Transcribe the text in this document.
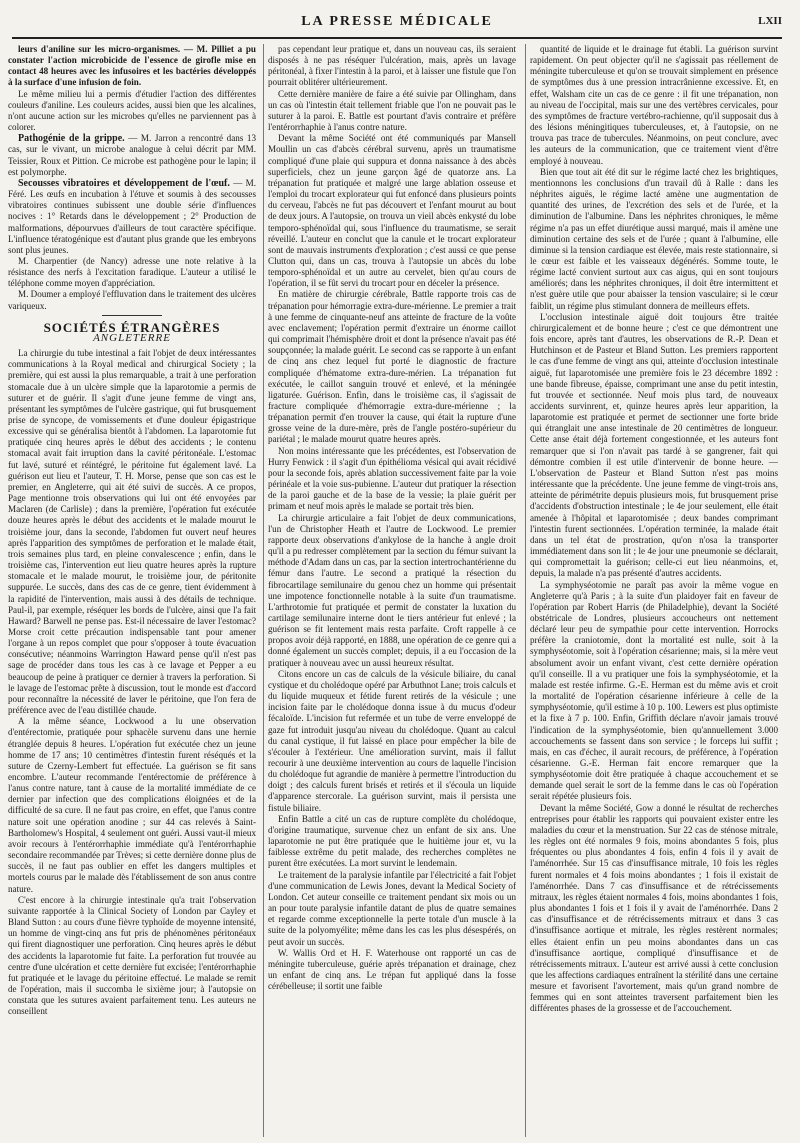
LA PRESSE MÉDICALE	LXII

leurs d'aniline sur les micro-organismes. — M. Pilliet a pu constater l'action microbicide de l'essence de girofle mise en contact 48 heures avec les infusoires et les bactéries développés à la surface d'une infusion de foin.

Le même milieu lui a permis d'étudier l'action des différentes couleurs d'aniline. Les couleurs acides, aussi bien que les alcalines, n'ont aucune action sur les microbes qu'elles ne parviennent pas à colorer.

Pathogénie de la grippe. — M. Jarron a rencontré dans 13 cas, sur le vivant, un microbe analogue à celui décrit par MM. Teissier, Roux et Pittion. Ce microbe est pathogène pour le lapin; il est polymorphe.

Secousses vibratoires et développement de l'œuf. — M. Féré. Les œufs en incubation à l'étuve et soumis à des secousses vibratoires continues subissent une double série d'influences nocives : 1° Retards dans le développement ; 2° Production de malformations, dépourvues d'ailleurs de tout caractère spécifique. L'influence tératogénique est d'autant plus grande que les embryons sont plus jeunes.

M. Charpentier (de Nancy) adresse une note relative à la résistance des nerfs à l'excitation faradique. L'auteur a utilisé le téléphone comme moyen d'appréciation.

M. Doumer a employé l'effluvation dans le traitement des ulcères variqueux.

SOCIÉTÉS ÉTRANGÈRES

ANGLETERRE

La chirurgie du tube intestinal a fait l'objet de deux intéressantes communications à la Royal medical and chirurgical Society ; la première, qui est aussi la plus remarquable, a trait à une perforation stomacale due à un ulcère simple que la laparotomie a permis de suturer et de guérir. Il s'agit d'une jeune femme de vingt ans, présentant les symptômes de l'ulcère gastrique, qui fut brusquement prise de syncope, de vomissements et d'une douleur épigastrique excessive qui se généralisa bientôt à l'abdomen. La laparotomie fut pratiquée cinq heures après le début des accidents ; le contenu stomacal avait fait irruption dans la cavité péritonéale. L'estomac fut lavé, suturé et réintégré, le péritoine fut également lavé. La guérison eut lieu et l'auteur, T. H. Morse, pense que son cas est le premier, en Angleterre, qui ait été suivi de succès. A ce propos, Page mentionne trois observations qui lui ont été envoyées par Maclaren (de Carlisle) ; dans la première, l'opération fut exécutée douze heures après le début des accidents et le malade mourut le troisième jour, dans la seconde, l'abdomen fut ouvert neuf heures après l'apparition des symptômes de perforation et le malade était, trois semaines plus tard, en pleine convalescence ; enfin, dans le troisième cas, l'intervention eut lieu quatre heures après la rupture stomacale et le malade mourut, le troisième jour, de péritonite suppurée. Le succès, dans des cas de ce genre, tient évidemment à la rapidité de l'intervention, mais aussi à des détails de technique. Paul-il, par exemple, réséquer les bords de l'ulcère, ainsi que l'a fait Haward? Barwell ne pense pas. Est-il nécessaire de laver l'estomac? Morse croit cette précaution indispensable tant pour amener l'organe à un repos complet que pour s'opposer à toute évacuation consécutive; néanmoins Warrington Haward pense qu'il n'est pas sage de procéder dans tous les cas à ce lavage et Pepper a eu beaucoup de peine à pratiquer ce dernier à travers la perforation. Si le lavage de l'estomac prête à discussion, tout le monde est d'accord pour reconnaître la nécessité de laver le péritoine, que l'on fera de préférence avec de l'eau distillée chaude.

A la même séance, Lockwood a lu une observation d'entérectomie, pratiquée pour sphacèle survenu dans une hernie étranglée depuis 8 heures. L'opération fut exécutée chez un jeune homme de 17 ans; 10 centimètres d'intestin furent réséqués et la suture de Czerny-Lembert fut effectuée. La guérison se fit sans encombre. L'auteur recommande l'entérectomie de préférence à l'anus contre nature, tant à cause de la mortalité immédiate de ce dernier par infection que des complications éloignées et de la difficulté de sa cure. Il ne faut pas croire, en effet, que l'anus contre nature soit une opération anodine ; sur 44 cas relevés à Saint-Bartholomew's Hospital, 4 seulement ont guéri. Aussi vaut-il mieux avoir recours à l'entérorrhaphie immédiate qu'à l'entérorrhaphie secondaire recommandée par Trèves; si cette dernière donne plus de succès, il ne faut pas oublier en effet les dangers multiples et mortels courus par le malade dès l'établissement de son anus contre nature.

C'est encore à la chirurgie intestinale qu'a trait l'observation suivante rapportée à la Clinical Society of London par Cayley et Bland Sutton : au cours d'une fièvre typhoïde de moyenne intensité, un homme de vingt-cinq ans fut pris de phénomènes péritonéaux qui firent diagnostiquer une perforation. Cinq heures après le début des accidents la laparotomie fut faite. La perforation fut trouvée au centre d'une ulcération et cette dernière fut excisée; l'entérorrhaphie fut pratiquée et le lavage du péritoine effectué. Le malade se remit de l'opération, mais il succomba le sixième jour; à l'autopsie on constata que les sutures avaient parfaitement tenu. Les auteurs ne conseillent

pas cependant leur pratique et, dans un nouveau cas, ils seraient disposés à ne pas réséquer l'ulcération, mais, après un lavage péritonéal, à fixer l'intestin à la paroi, et à laisser une fistule que l'on pourrait oblitérer ultérieurement.

Cette dernière manière de faire a été suivie par Ollingham, dans un cas où l'intestin était tellement friable que l'on ne pouvait pas le suturer à la paroi. E. Battle est pourtant d'avis contraire et préfère l'entérorrhaphie à l'anus contre nature.

Devant la même Société ont été communiqués par Mansell Moullin un cas d'abcès cérébral survenu, après un traumatisme compliqué d'une plaie qui suppura et donna naissance à des abcès superficiels, chez un jeune garçon âgé de quatorze ans. La trépanation fut pratiquée et malgré une large ablation osseuse et l'emploi du trocart explorateur qui fut enfoncé dans plusieurs points du cerveau, l'abcès ne fut pas découvert et l'enfant mourut au bout de deux jours. A l'autopsie, on trouva un vieil abcès enkysté du lobe temporo-sphénoïdal qui, sous l'influence du traumatisme, se serait réveillé. L'auteur en conclut que la canule et le trocart explorateur sont de mauvais instruments d'exploration ; c'est aussi ce que pense Clutton qui, dans un cas, trouva à l'autopsie un abcès du lobe temporo-sphénoïdal et un autre au cervelet, bien qu'au cours de l'opération, il se fût servi du trocart pour en déceler la présence.

En matière de chirurgie cérébrale, Battle rapporte trois cas de trépanation pour hémorragie extra-dure-mérienne. Le premier a trait à une femme de cinquante-neuf ans atteinte de fracture de la voûte avec enclavement; l'opération permit d'extraire un énorme caillot qui comprimait l'hémisphère droit et dont la présence n'avait pas été soupçonnée; la malade guérit. Le second cas se rapporte à un enfant de cinq ans chez lequel fut porté le diagnostic de fracture compliquée d'hématome extra-dure-mérien. La trépanation fut exécutée, le caillot sanguin trouvé et enlevé, et la méningée ligaturée. Guérison. Enfin, dans le troisième cas, il s'agissait de fracture compliquée d'hémorragie extra-dure-mérienne ; la trépanation permit d'en trouver la cause, qui était la rupture d'une grosse veine de la dure-mère, près de l'angle postéro-supérieur du pariétal ; le malade mourut quatre heures après.

Non moins intéressante que les précédentes, est l'observation de Hurry Fenwick : il s'agit d'un épithélioma vésical qui avait récidivé pour la seconde fois, après ablation successivement faite par la voie périnéale et la voie sus-pubienne. L'auteur dut pratiquer la résection de la paroi gauche et de la base de la vessie; la plaie guérit per primam et neuf mois après le malade se portait très bien.

La chirurgie articulaire a fait l'objet de deux communications, l'un de Christopher Heath et l'autre de Lockwood. Le premier rapporte deux observations d'ankylose de la hanche à angle droit qu'il a pu redresser complètement par la section du fémur suivant la méthode d'Adam dans un cas, par la section intertrochantérienne du fémur dans l'autre. Le second a pratiqué la résection du fibrocartilage semilunaire du genou chez un homme qui présentait une impotence fonctionnelle notable à la suite d'un traumatisme. L'arthrotomie fut pratiquée et permit de constater la luxation du cartilage semilunaire interne dont le tiers antérieur fut enlevé ; la guérison se fit lentement mais resta parfaite. Croft rappelle à ce propos avoir déjà rapporté, en 1888, une opération de ce genre qui a donné également un succès complet; depuis, il a eu l'occasion de la pratiquer à nouveau avec un aussi heureux résultat.

Citons encore un cas de calculs de la vésicule biliaire, du canal cystique et du cholédoque opéré par Arbuthnot Lane; trois calculs et du liquide muqueux et fétide furent retirés de la vésicule ; une incision faite par le cholédoque donna issue à du mucus d'odeur fécaloïde. L'incision fut refermée et un tube de verre enveloppé de gaze fut introduit jusqu'au niveau du cholédoque. Quant au calcul du canal cystique, il fut laissé en place pour empêcher la bile de s'écouler à l'extérieur. Une amélioration survint, mais il fallut recourir à une deuxième intervention au cours de laquelle l'incision du cholédoque fut agrandie de manière à permettre l'introduction du doigt ; des calculs furent brisés et retirés et il s'écoula un liquide d'apparence stercorale. La guérison survint, mais il persista une fistule biliaire.

Enfin Battle a cité un cas de rupture complète du cholédoque, d'origine traumatique, survenue chez un enfant de six ans. Une laparotomie ne put être pratiquée que le huitième jour et, vu la faiblesse extrême du petit malade, des recherches complètes ne purent être exécutées. La mort survint le lendemain.

Le traitement de la paralysie infantile par l'électricité a fait l'objet d'une communication de Lewis Jones, devant la Medical Society of London. Cet auteur conseille ce traitement pendant six mois ou un an pour toute paralysie infantile datant de plus de quatre semaines et regarde comme exceptionnelle la perte totale d'un muscle à la suite de la polyomyélite; même dans les cas les plus désespérés, on peut avoir un succès.

W. Wallis Ord et H. F. Waterhouse ont rapporté un cas de méningite tuberculeuse, guérie après trépanation et drainage, chez un enfant de cinq ans. Le trépan fut appliqué dans la fosse cérébelleuse; il sortit une faible

quantité de liquide et le drainage fut établi. La guérison survint rapidement. On peut objecter qu'il ne s'agissait pas réellement de méningite tuberculeuse et qu'on se trouvait simplement en présence de symptômes dus à une pression intracrânienne excessive. Et, en effet, Walsham cite un cas de ce genre : il fit une trépanation, non au niveau de l'occipital, mais sur une des vertèbres cervicales, pour des symptômes de fracture vertébro-rachienne, qu'il supposait dus à des lésions méningitiques tuberculeuses, et, à l'autopsie, on ne trouva pas trace de tubercules. Néanmoins, on peut conclure, avec les auteurs de la communication, que ce traitement vient d'être employé à nouveau.

Bien que tout ait été dit sur le régime lacté chez les brightiques, mentionnons les conclusions d'un travail dû à Ralle : dans les néphrites aiguës, le régime lacté amène une augmentation de quantité des urines, de l'excrétion des sels et de l'urée, et la diminution de l'albumine. Dans les néphrites chroniques, le même régime n'a pas un effet diurétique aussi marqué, mais il amène une diminution certaine des sels et de l'urée ; quant à l'albumine, elle diminue si la tension cardiaque est élevée, mais reste stationnaire, si le cœur est faible et les vaisseaux dégénérés. Somme toute, le régime lacté convient surtout aux cas aigus, qui en sont toujours améliorés; dans les néphrites chroniques, il doit être intermittent et n'est guère utile que pour abaisser la tension vasculaire; si le cœur faiblit, un régime plus stimulant donnera de meilleurs effets.

L'occlusion intestinale aiguë doit toujours être traitée chirurgicalement et de bonne heure ; c'est ce que démontrent une fois encore, après tant d'autres, les observations de R.-P. Dean et Hutchinson et de Pasteur et Bland Sutton. Les premiers rapportent le cas d'une femme de vingt ans qui, atteinte d'occlusion intestinale aiguë, fut laparotomisée une première fois le 23 décembre 1892 : une bande fibreuse, épaisse, comprimant une anse du petit intestin, fut trouvée et sectionnée. Neuf mois plus tard, de nouveaux accidents survinrent, et, quinze heures après leur apparition, la laparotomie est pratiquée et permet de sectionner une forte bride qui étranglait une anse intestinale de 20 centimètres de longueur. Cette anse était déjà fortement congestionnée, et les auteurs font remarquer que si l'on n'avait pas tardé à se gangrener, fait qui démontre combien il est utile d'intervenir de bonne heure. — L'observation de Pasteur et Bland Sutton n'est pas moins intéressante que la précédente. Une jeune femme de vingt-trois ans, atteinte de périmétrite depuis plusieurs mois, fut brusquement prise d'accidents d'obstruction intestinale ; le 4e jour seulement, elle était amenée à l'hôpital et laparotomisée ; deux bandes comprimant l'intestin furent sectionnées. L'opération terminée, la malade était dans un tel état de prostration, qu'on n'osa la transporter immédiatement dans son lit ; le 4e jour une pneumonie se déclarait, qui compromettait la guérison; celle-ci eut lieu néanmoins, et, depuis, la malade n'a pas présenté d'autres accidents.

La symphyséotomie ne paraît pas avoir la même vogue en Angleterre qu'à Paris ; à la suite d'un plaidoyer fait en faveur de l'opération par Robert Harris (de Philadelphie), devant la Société obstétricale de Londres, plusieurs accoucheurs ont nettement déclaré leur peu de sympathie pour cette intervention. Horrocks préfère la craniotomie, dont la mortalité est nulle, soit à la symphyséotomie, soit à l'opération césarienne; mais, si la mère veut absolument avoir un enfant vivant, c'est cette dernière opération qu'il conseille. Il a vu pratiquer une fois la symphyséotomie, et la malade est restée infirme. G.-E. Herman est du même avis et croit la mortalité de l'opération césarienne inférieure à celle de la symphyséotomie, qu'il estime à 10 p. 100. Lewers est plus optimiste et la fixe à 7 p. 100. Enfin, Griffith déclare n'avoir jamais trouvé l'indication de la symphyséotomie, bien qu'annuellement 3.000 accouchements se fassent dans son service ; le forceps lui suffit ; mais, en cas d'échec, il aurait recours, de préférence, à l'opération césarienne. G.-E. Herman fait encore remarquer que la symphyséotomie doit être pratiquée à chaque accouchement et se demande quel serait le sort de la femme dans le cas où l'opération serait répétée plusieurs fois.

Devant la même Société, Gow a donné le résultat de recherches entreprises pour établir les rapports qui pouvaient exister entre les maladies du cœur et la menstruation. Sur 22 cas de sténose mitrale, les règles ont été normales 9 fois, moins abondantes 5 fois, plus fréquentes ou plus abondantes 4 fois, enfin 4 fois il y avait de l'aménorrhée. Sur 15 cas d'insuffisance mitrale, 10 fois les règles furent normales et 4 fois moins abondantes ; 1 fois il existait de l'aménorrhée. Dans 7 cas d'insuffisance et de rétrécissements mitraux, les règles étaient normales 4 fois, moins abondantes 1 fois, plus abondantes 1 fois et 1 fois il y avait de l'aménorrhée. Dans 2 cas d'insuffisance et de rétrécissements mitraux et dans 3 cas d'insuffisance aortique et mitrale, les règles restèrent normales; elles étaient enfin un peu moins abondantes dans un cas d'insuffisance aortique, compliqué d'insuffisance et de rétrécissements mitraux. L'auteur est arrivé aussi à cette conclusion que les affections cardiaques entraînent la stérilité dans une certaine mesure et favorisent l'avortement, mais qu'un grand nombre de femmes qui en sont atteintes traversent parfaitement bien les différentes phases de la grossesse et de l'accouchement.
